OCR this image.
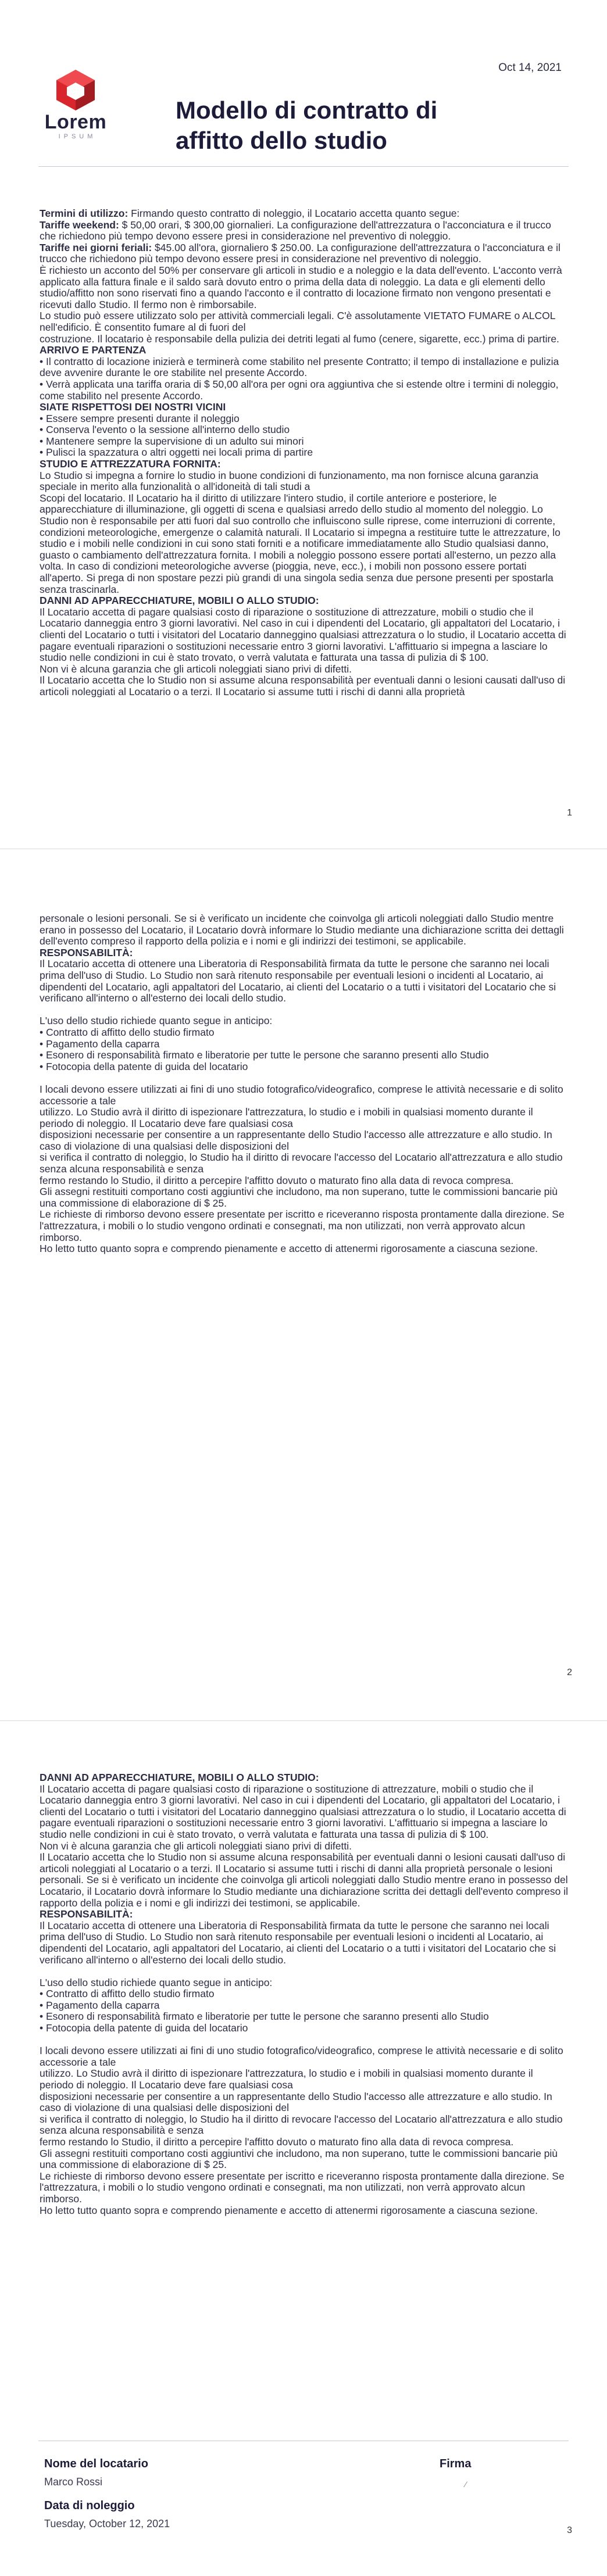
Lorem
IPSUM
Oct 14, 2021
Modello di contratto di affitto dello studio

Termini di utilizzo: Firmando questo contratto di noleggio, il Locatario accetta quanto segue:

Tariffe weekend: $ 50,00 orari, $ 300,00 giornalieri. La configurazione dell'attrezzatura o l'acconciatura e il trucco che richiedono più tempo devono essere presi in considerazione nel preventivo di noleggio.

Tariffe nei giorni feriali: $45.00 all'ora, giornaliero $ 250.00. La configurazione dell'attrezzatura o l'acconciatura e il trucco che richiedono più tempo devono essere presi in considerazione nel preventivo di noleggio.

È richiesto un acconto del 50% per conservare gli articoli in studio e a noleggio e la data dell'evento. L'acconto verrà applicato alla fattura finale e il saldo sarà dovuto entro o prima della data di noleggio. La data e gli elementi dello studio/affitto non sono riservati fino a quando l'acconto e il contratto di locazione firmato non vengono presentati e ricevuti dallo Studio. Il fermo non è rimborsabile.

Lo studio può essere utilizzato solo per attività commerciali legali. C'è assolutamente VIETATO FUMARE o ALCOL nell'edificio. È consentito fumare al di fuori del

costruzione. Il locatario è responsabile della pulizia dei detriti legati al fumo (cenere, sigarette, ecc.) prima di partire.

ARRIVO E PARTENZA

• Il contratto di locazione inizierà e terminerà come stabilito nel presente Contratto; il tempo di installazione e pulizia deve avvenire durante le ore stabilite nel presente Accordo.

• Verrà applicata una tariffa oraria di $ 50,00 all'ora per ogni ora aggiuntiva che si estende oltre i termini di noleggio, come stabilito nel presente Accordo.

SIATE RISPETTOSI DEI NOSTRI VICINI

• Essere sempre presenti durante il noleggio

• Conserva l'evento o la sessione all'interno dello studio

• Mantenere sempre la supervisione di un adulto sui minori

• Pulisci la spazzatura o altri oggetti nei locali prima di partire

STUDIO E ATTREZZATURA FORNITA:

Lo Studio si impegna a fornire lo studio in buone condizioni di funzionamento, ma non fornisce alcuna garanzia speciale in merito alla funzionalità o all'idoneità di tali studi a

Scopi del locatario. Il Locatario ha il diritto di utilizzare l'intero studio, il cortile anteriore e posteriore, le apparecchiature di illuminazione, gli oggetti di scena e qualsiasi arredo dello studio al momento del noleggio. Lo Studio non è responsabile per atti fuori dal suo controllo che influiscono sulle riprese, come interruzioni di corrente, condizioni meteorologiche, emergenze o calamità naturali. Il Locatario si impegna a restituire tutte le attrezzature, lo studio e i mobili nelle condizioni in cui sono stati forniti e a notificare immediatamente allo Studio qualsiasi danno, guasto o cambiamento dell'attrezzatura fornita. I mobili a noleggio possono essere portati all'esterno, un pezzo alla volta. In caso di condizioni meteorologiche avverse (pioggia, neve, ecc.), i mobili non possono essere portati all'aperto. Si prega di non spostare pezzi più grandi di una singola sedia senza due persone presenti per spostarla senza trascinarla.

DANNI AD APPARECCHIATURE, MOBILI O ALLO STUDIO:

Il Locatario accetta di pagare qualsiasi costo di riparazione o sostituzione di attrezzature, mobili o studio che il Locatario danneggia entro 3 giorni lavorativi. Nel caso in cui i dipendenti del Locatario, gli appaltatori del Locatario, i clienti del Locatario o tutti i visitatori del Locatario danneggino qualsiasi attrezzatura o lo studio, il Locatario accetta di pagare eventuali riparazioni o sostituzioni necessarie entro 3 giorni lavorativi. L'affittuario si impegna a lasciare lo studio nelle condizioni in cui è stato trovato, o verrà valutata e fatturata una tassa di pulizia di $ 100.

Non vi è alcuna garanzia che gli articoli noleggiati siano privi di difetti.

Il Locatario accetta che lo Studio non si assume alcuna responsabilità per eventuali danni o lesioni causati dall'uso di articoli noleggiati al Locatario o a terzi. Il Locatario si assume tutti i rischi di danni alla proprietà

1

personale o lesioni personali. Se si è verificato un incidente che coinvolga gli articoli noleggiati dallo Studio mentre erano in possesso del Locatario, il Locatario dovrà informare lo Studio mediante una dichiarazione scritta dei dettagli dell'evento compreso il rapporto della polizia e i nomi e gli indirizzi dei testimoni, se applicabile.

RESPONSABILITÀ:

Il Locatario accetta di ottenere una Liberatoria di Responsabilità firmata da tutte le persone che saranno nei locali prima dell'uso di Studio. Lo Studio non sarà ritenuto responsabile per eventuali lesioni o incidenti al Locatario, ai dipendenti del Locatario, agli appaltatori del Locatario, ai clienti del Locatario o a tutti i visitatori del Locatario che si verificano all'interno o all'esterno dei locali dello studio.

L'uso dello studio richiede quanto segue in anticipo:

• Contratto di affitto dello studio firmato

• Pagamento della caparra

• Esonero di responsabilità firmato e liberatorie per tutte le persone che saranno presenti allo Studio

• Fotocopia della patente di guida del locatario

I locali devono essere utilizzati ai fini di uno studio fotografico/videografico, comprese le attività necessarie e di solito accessorie a tale

utilizzo. Lo Studio avrà il diritto di ispezionare l'attrezzatura, lo studio e i mobili in qualsiasi momento durante il periodo di noleggio. Il Locatario deve fare qualsiasi cosa

disposizioni necessarie per consentire a un rappresentante dello Studio l'accesso alle attrezzature e allo studio. In caso di violazione di una qualsiasi delle disposizioni del

si verifica il contratto di noleggio, lo Studio ha il diritto di revocare l'accesso del Locatario all'attrezzatura e allo studio senza alcuna responsabilità e senza

fermo restando lo Studio, il diritto a percepire l'affitto dovuto o maturato fino alla data di revoca compresa.

Gli assegni restituiti comportano costi aggiuntivi che includono, ma non superano, tutte le commissioni bancarie più una commissione di elaborazione di $ 25.

Le richieste di rimborso devono essere presentate per iscritto e riceveranno risposta prontamente dalla direzione. Se l'attrezzatura, i mobili o lo studio vengono ordinati e consegnati, ma non utilizzati, non verrà approvato alcun rimborso.

Ho letto tutto quanto sopra e comprendo pienamente e accetto di attenermi rigorosamente a ciascuna sezione.

2

DANNI AD APPARECCHIATURE, MOBILI O ALLO STUDIO:

Il Locatario accetta di pagare qualsiasi costo di riparazione o sostituzione di attrezzature, mobili o studio che il Locatario danneggia entro 3 giorni lavorativi. Nel caso in cui i dipendenti del Locatario, gli appaltatori del Locatario, i clienti del Locatario o tutti i visitatori del Locatario danneggino qualsiasi attrezzatura o lo studio, il Locatario accetta di pagare eventuali riparazioni o sostituzioni necessarie entro 3 giorni lavorativi. L'affittuario si impegna a lasciare lo studio nelle condizioni in cui è stato trovato, o verrà valutata e fatturata una tassa di pulizia di $ 100.

Non vi è alcuna garanzia che gli articoli noleggiati siano privi di difetti.

Il Locatario accetta che lo Studio non si assume alcuna responsabilità per eventuali danni o lesioni causati dall'uso di articoli noleggiati al Locatario o a terzi. Il Locatario si assume tutti i rischi di danni alla proprietà personale o lesioni personali. Se si è verificato un incidente che coinvolga gli articoli noleggiati dallo Studio mentre erano in possesso del Locatario, il Locatario dovrà informare lo Studio mediante una dichiarazione scritta dei dettagli dell'evento compreso il rapporto della polizia e i nomi e gli indirizzi dei testimoni, se applicabile.

RESPONSABILITÀ:

Il Locatario accetta di ottenere una Liberatoria di Responsabilità firmata da tutte le persone che saranno nei locali prima dell'uso di Studio. Lo Studio non sarà ritenuto responsabile per eventuali lesioni o incidenti al Locatario, ai dipendenti del Locatario, agli appaltatori del Locatario, ai clienti del Locatario o a tutti i visitatori del Locatario che si verificano all'interno o all'esterno dei locali dello studio.

L'uso dello studio richiede quanto segue in anticipo:

• Contratto di affitto dello studio firmato

• Pagamento della caparra

• Esonero di responsabilità firmato e liberatorie per tutte le persone che saranno presenti allo Studio

• Fotocopia della patente di guida del locatario

I locali devono essere utilizzati ai fini di uno studio fotografico/videografico, comprese le attività necessarie e di solito accessorie a tale

utilizzo. Lo Studio avrà il diritto di ispezionare l'attrezzatura, lo studio e i mobili in qualsiasi momento durante il periodo di noleggio. Il Locatario deve fare qualsiasi cosa

disposizioni necessarie per consentire a un rappresentante dello Studio l'accesso alle attrezzature e allo studio. In caso di violazione di una qualsiasi delle disposizioni del

si verifica il contratto di noleggio, lo Studio ha il diritto di revocare l'accesso del Locatario all'attrezzatura e allo studio senza alcuna responsabilità e senza

fermo restando lo Studio, il diritto a percepire l'affitto dovuto o maturato fino alla data di revoca compresa.

Gli assegni restituiti comportano costi aggiuntivi che includono, ma non superano, tutte le commissioni bancarie più una commissione di elaborazione di $ 25.

Le richieste di rimborso devono essere presentate per iscritto e riceveranno risposta prontamente dalla direzione. Se l'attrezzatura, i mobili o lo studio vengono ordinati e consegnati, ma non utilizzati, non verrà approvato alcun rimborso.

Ho letto tutto quanto sopra e comprendo pienamente e accetto di attenermi rigorosamente a ciascuna sezione.

Nome del locatario
Marco Rossi
Data di noleggio
Tuesday, October 12, 2021
Firma
⁄
3
